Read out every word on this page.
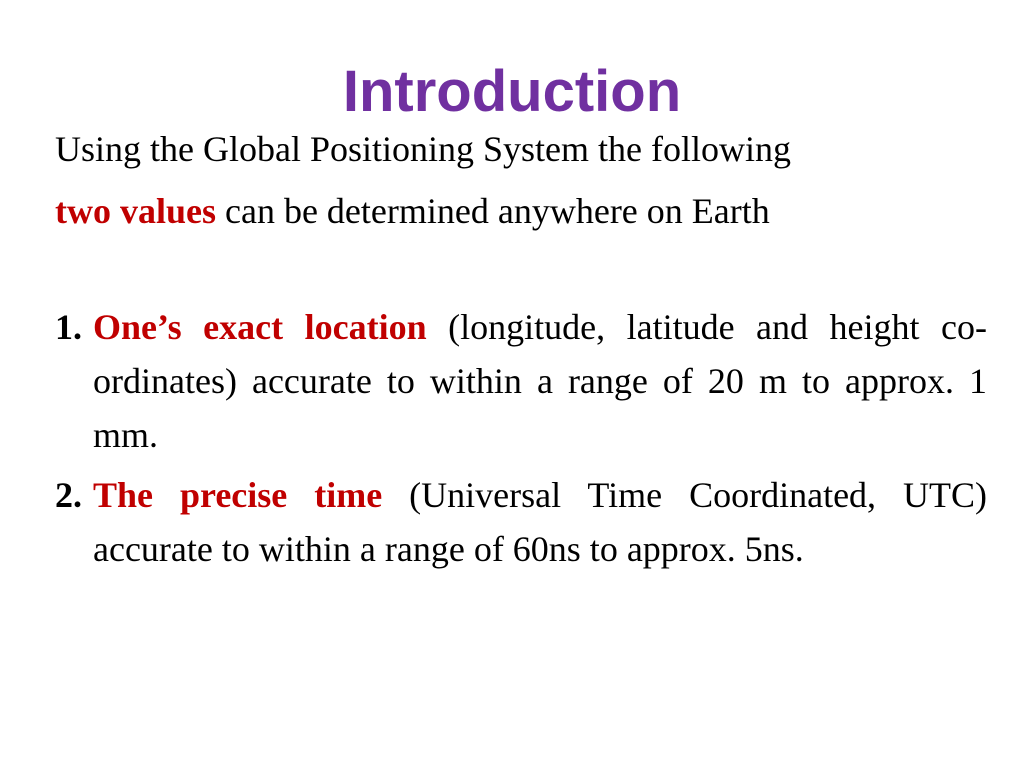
Introduction

Using the Global Positioning System the following

two values can be determined anywhere on Earth

1. One’s exact location (longitude, latitude and height co-ordinates) accurate to within a range of 20 m to approx. 1 mm.
2. The precise time (Universal Time Coordinated, UTC) accurate to within a range of 60ns to approx. 5ns.
